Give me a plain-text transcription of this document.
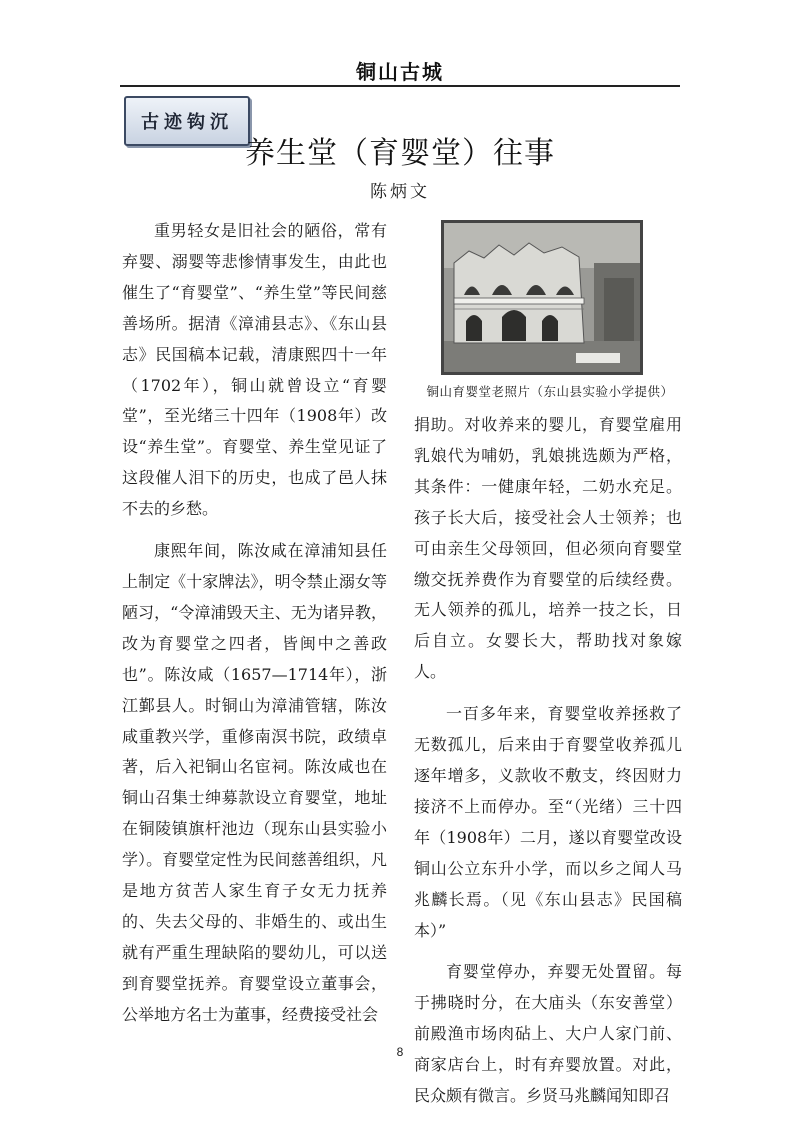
铜山古城
古迹钩沉
养生堂（育婴堂）往事
陈炳文

重男轻女是旧社会的陋俗，常有弃婴、溺婴等悲惨情事发生，由此也催生了“育婴堂”、“养生堂”等民间慈善场所。据清《漳浦县志》、《东山县志》民国稿本记载，清康熙四十一年（1702年），铜山就曾设立“育婴堂”，至光绪三十四年（1908年）改设“养生堂”。育婴堂、养生堂见证了这段催人泪下的历史，也成了邑人抹不去的乡愁。

康熙年间，陈汝咸在漳浦知县任上制定《十家牌法》，明令禁止溺女等陋习，“令漳浦毁天主、无为诸异教，改为育婴堂之四者，皆闽中之善政也”。陈汝咸（1657—1714年），浙江鄞县人。时铜山为漳浦管辖，陈汝咸重教兴学，重修南溟书院，政绩卓著，后入祀铜山名宦祠。陈汝咸也在铜山召集士绅募款设立育婴堂，地址在铜陵镇旗杆池边（现东山县实验小学）。育婴堂定性为民间慈善组织，凡是地方贫苦人家生育子女无力抚养的、失去父母的、非婚生的、或出生就有严重生理缺陷的婴幼儿，可以送到育婴堂抚养。育婴堂设立董事会，公举地方名士为董事，经费接受社会

铜山育婴堂老照片（东山县实验小学提供）

捐助。对收养来的婴儿，育婴堂雇用乳娘代为哺奶，乳娘挑选颇为严格，其条件：一健康年轻，二奶水充足。孩子长大后，接受社会人士领养；也可由亲生父母领回，但必须向育婴堂缴交抚养费作为育婴堂的后续经费。无人领养的孤儿，培养一技之长，日后自立。女婴长大，帮助找对象嫁人。

一百多年来，育婴堂收养拯救了无数孤儿，后来由于育婴堂收养孤儿逐年增多，义款收不敷支，终因财力接济不上而停办。至“（光绪）三十四年（1908年）二月，遂以育婴堂改设铜山公立东升小学，而以乡之闻人马兆麟长焉。（见《东山县志》民国稿本）”

育婴堂停办，弃婴无处置留。每于拂晓时分，在大庙头（东安善堂）前殿渔市场肉砧上、大户人家门前、商家店台上，时有弃婴放置。对此，民众颇有微言。乡贤马兆麟闻知即召

8
